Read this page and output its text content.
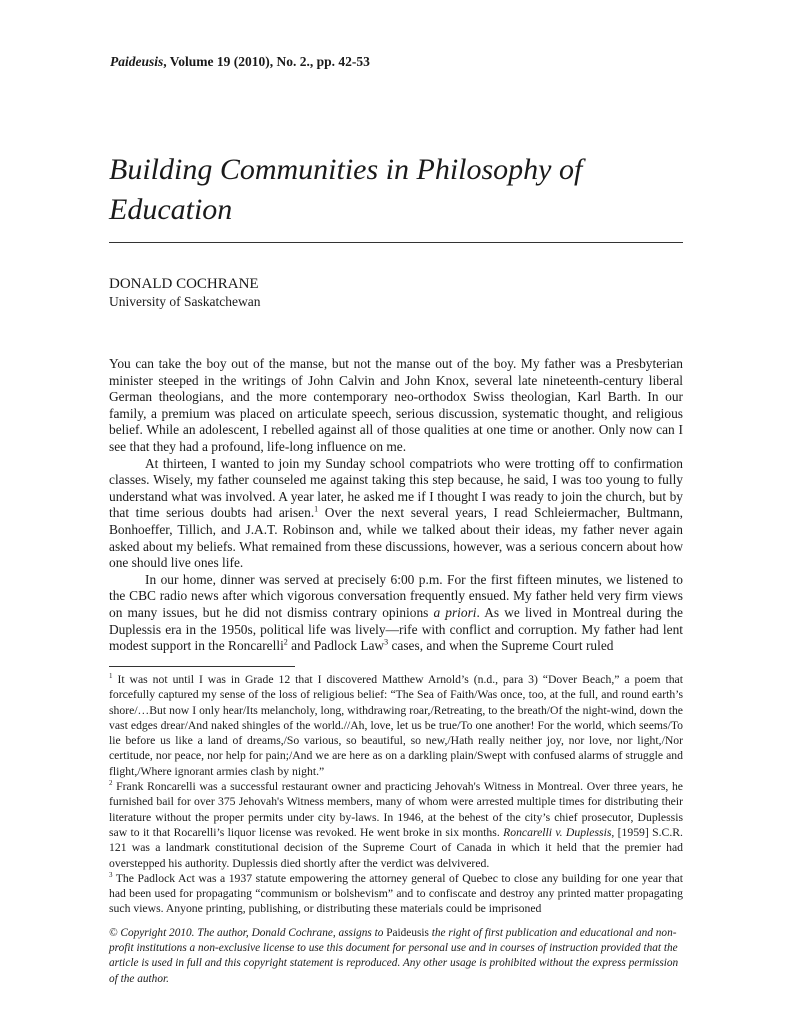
Paideusis, Volume 19 (2010), No. 2., pp. 42-53
Building Communities in Philosophy of Education
DONALD COCHRANE
University of Saskatchewan

You can take the boy out of the manse, but not the manse out of the boy. My father was a Presbyterian minister steeped in the writings of John Calvin and John Knox, several late nineteenth-century liberal German theologians, and the more contemporary neo-orthodox Swiss theologian, Karl Barth. In our family, a premium was placed on articulate speech, serious discussion, systematic thought, and religious belief. While an adolescent, I rebelled against all of those qualities at one time or another. Only now can I see that they had a profound, life-long influence on me.

At thirteen, I wanted to join my Sunday school compatriots who were trotting off to confirmation classes. Wisely, my father counseled me against taking this step because, he said, I was too young to fully understand what was involved. A year later, he asked me if I thought I was ready to join the church, but by that time serious doubts had arisen.$^1$ Over the next several years, I read Schleiermacher, Bultmann, Bonhoeffer, Tillich, and J.A.T. Robinson and, while we talked about their ideas, my father never again asked about my beliefs. What remained from these discussions, however, was a serious concern about how one should live ones life.

In our home, dinner was served at precisely 6:00 p.m. For the first fifteen minutes, we listened to the CBC radio news after which vigorous conversation frequently ensued. My father held very firm views on many issues, but he did not dismiss contrary opinions a priori. As we lived in Montreal during the Duplessis era in the 1950s, political life was lively—rife with conflict and corruption. My father had lent modest support in the Roncarelli$^2$ and Padlock Law$^3$ cases, and when the Supreme Court ruled

$^1$ It was not until I was in Grade 12 that I discovered Matthew Arnold’s (n.d., para 3) “Dover Beach,” a poem that forcefully captured my sense of the loss of religious belief: “The Sea of Faith/Was once, too, at the full, and round earth’s shore/…But now I only hear/Its melancholy, long, withdrawing roar,/Retreating, to the breath/Of the night-wind, down the vast edges drear/And naked shingles of the world.//Ah, love, let us be true/To one another! For the world, which seems/To lie before us like a land of dreams,/So various, so beautiful, so new,/Hath really neither joy, nor love, nor light,/Nor certitude, nor peace, nor help for pain;/And we are here as on a darkling plain/Swept with confused alarms of struggle and flight,/Where ignorant armies clash by night.”

$^2$ Frank Roncarelli was a successful restaurant owner and practicing Jehovah's Witness in Montreal. Over three years, he furnished bail for over 375 Jehovah's Witness members, many of whom were arrested multiple times for distributing their literature without the proper permits under city by-laws. In 1946, at the behest of the city’s chief prosecutor, Duplessis saw to it that Rocarelli’s liquor license was revoked. He went broke in six months. Roncarelli v. Duplessis, [1959] S.C.R. 121 was a landmark constitutional decision of the Supreme Court of Canada in which it held that the premier had overstepped his authority. Duplessis died shortly after the verdict was delvivered.

$^3$ The Padlock Act was a 1937 statute empowering the attorney general of Quebec to close any building for one year that had been used for propagating “communism or bolshevism” and to confiscate and destroy any printed matter propagating such views. Anyone printing, publishing, or distributing these materials could be imprisoned

© Copyright 2010. The author, Donald Cochrane, assigns to Paideusis the right of first publication and educational and non-profit institutions a non-exclusive license to use this document for personal use and in courses of instruction provided that the article is used in full and this copyright statement is reproduced. Any other usage is prohibited without the express permission of the author.
